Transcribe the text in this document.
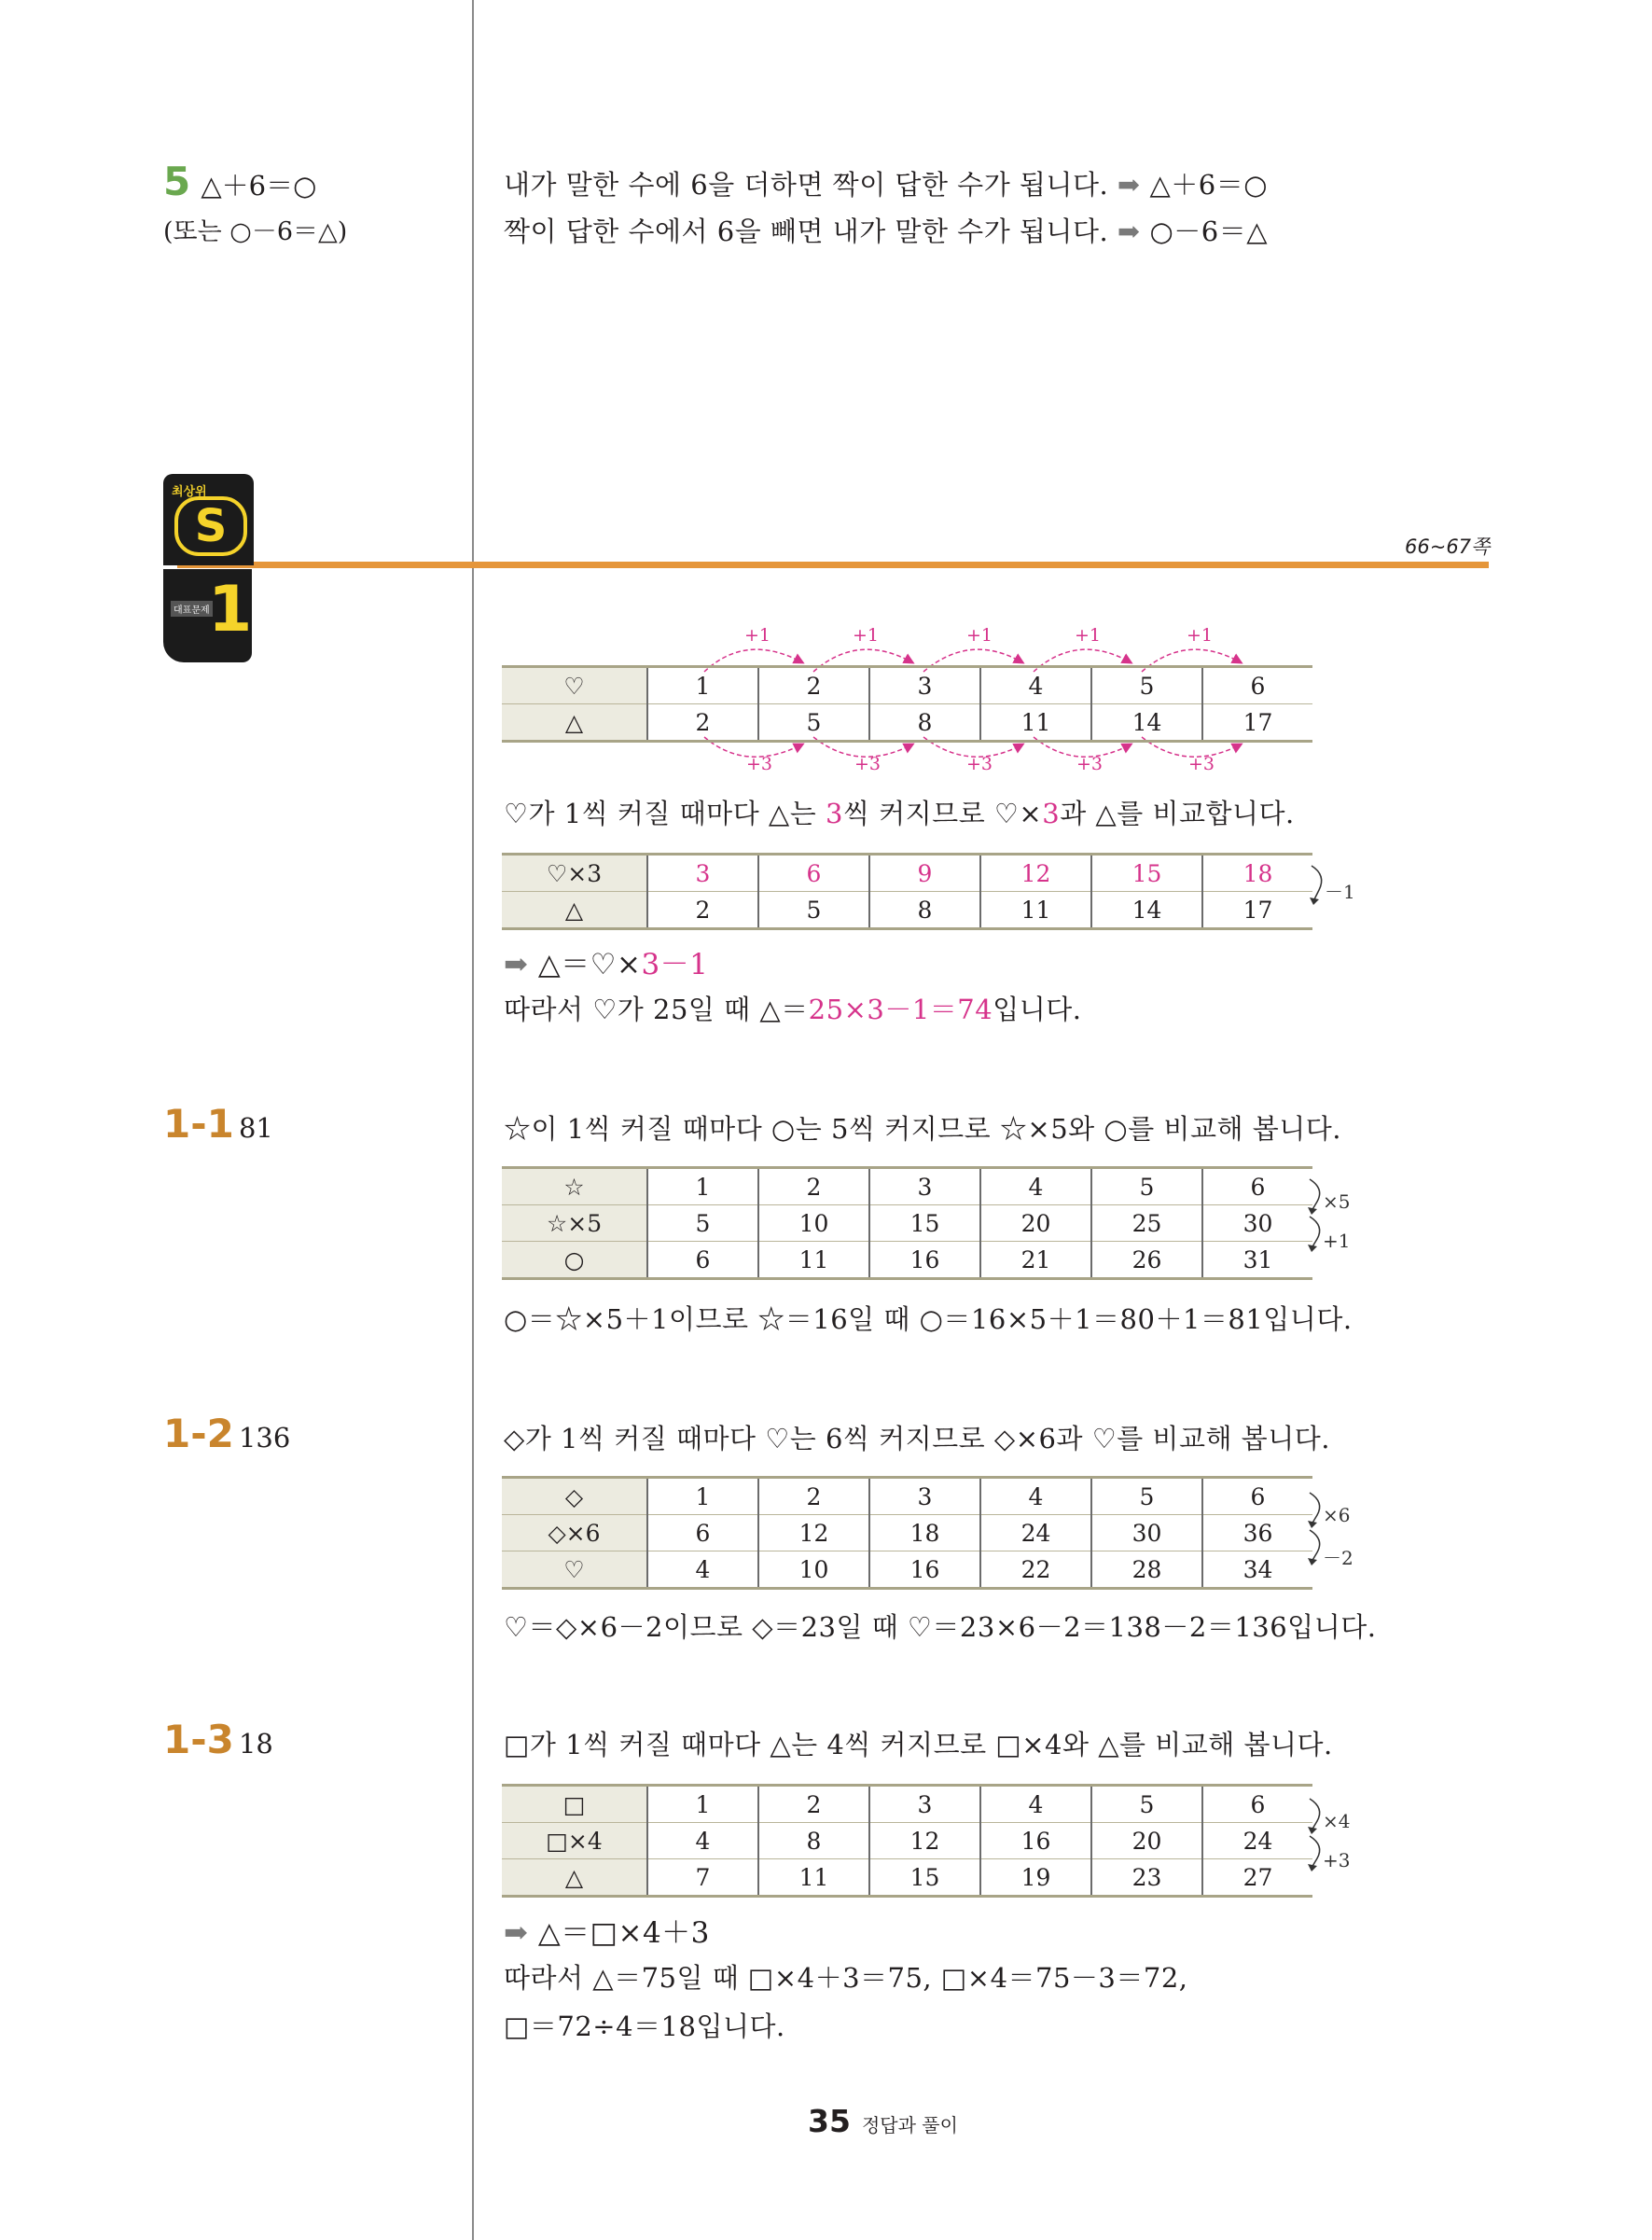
5 △＋6＝○
(또는 ○－6＝△)
내가 말한 수에 6을 더하면 짝이 답한 수가 됩니다. ➡ △＋6＝○
짝이 답한 수에서 6을 빼면 내가 말한 수가 됩니다. ➡ ○－6＝△
최상위
S
대표문제
1
66~67쪽
+1	+1	+1	+1	+1
+3	+3	+3	+3	+3
♡	1	2	3	4	5	6
△	2	5	8	11	14	17
♡가 1씩 커질 때마다 △는 3씩 커지므로 ♡×3과 △를 비교합니다.
♡×3	3	6	9	12	15	18
△	2	5	8	11	14	17
－1
➡ △＝♡×3－1
따라서 ♡가 25일 때 △＝25×3－1＝74입니다.
1-1 81	☆이 1씩 커질 때마다 ○는 5씩 커지므로 ☆×5와 ○를 비교해 봅니다.
☆	1	2	3	4	5	6
☆×5	5	10	15	20	25	30
○	6	11	16	21	26	31
×5
+1
○＝☆×5＋1이므로 ☆＝16일 때 ○＝16×5＋1＝80＋1＝81입니다.
1-2 136	◇가 1씩 커질 때마다 ♡는 6씩 커지므로 ◇×6과 ♡를 비교해 봅니다.
◇	1	2	3	4	5	6
◇×6	6	12	18	24	30	36
♡	4	10	16	22	28	34
×6
－2
♡＝◇×6－2이므로 ◇＝23일 때 ♡＝23×6－2＝138－2＝136입니다.
1-3 18	□가 1씩 커질 때마다 △는 4씩 커지므로 □×4와 △를 비교해 봅니다.
□	1	2	3	4	5	6
□×4	4	8	12	16	20	24
△	7	11	15	19	23	27
×4
+3
➡ △＝□×4＋3
따라서 △＝75일 때 □×4＋3＝75, □×4＝75－3＝72,
□＝72÷4＝18입니다.
35 정답과 풀이
